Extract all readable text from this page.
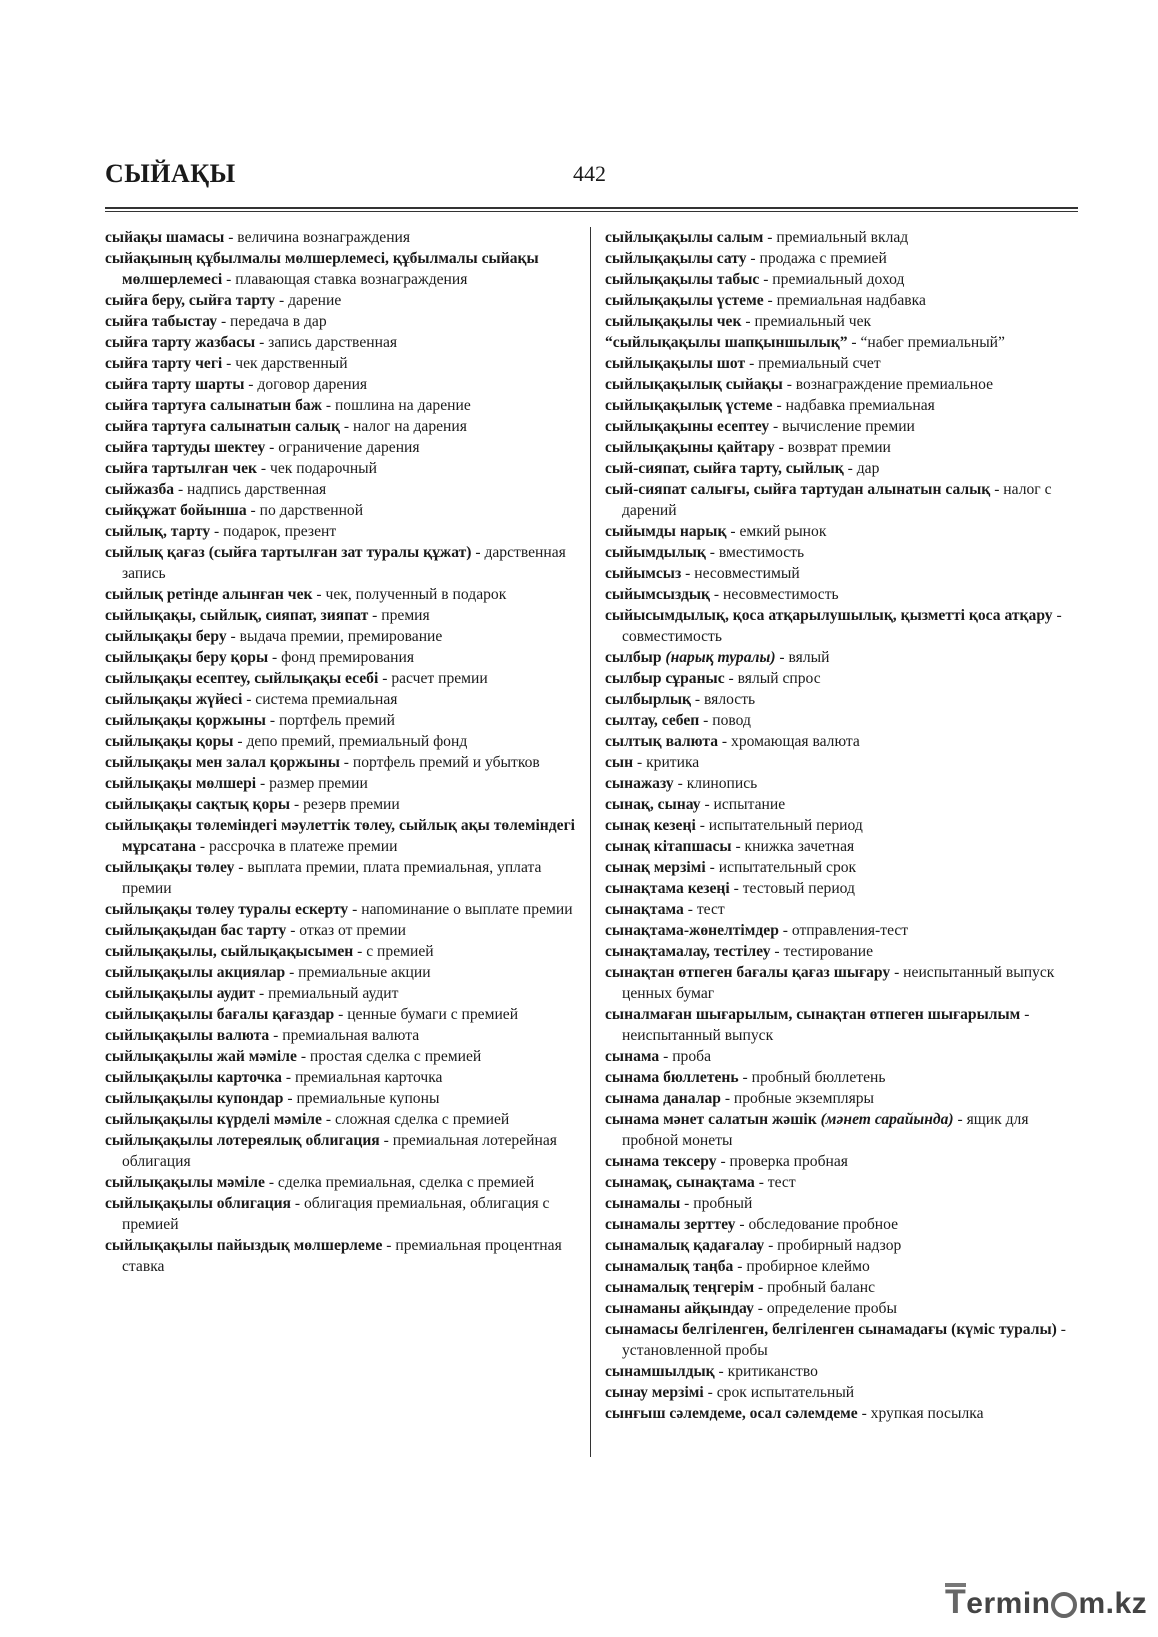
СЫЙАҚЫ	442

сыйақы шамасы - величина вознаграждения

сыйақының құбылмалы мөлшерлемесі, құбылмалы сыйақы мөлшерлемесі - плавающая ставка вознаграждения

сыйға беру, сыйға тарту - дарение

сыйға табыстау - передача в дар

сыйға тарту жазбасы - запись дарственная

сыйға тарту чегі - чек дарственный

сыйға тарту шарты - договор дарения

сыйға тартуға салынатын баж - пошлина на дарение

сыйға тартуға салынатын салық - налог на дарения

сыйға тартуды шектеу - ограничение дарения

сыйға тартылған чек - чек подарочный

сыйжазба - надпись дарственная

сыйқұжат бойынша - по дарственной

сыйлық, тарту - подарок, презент

сыйлық қағаз (сыйға тартылған зат туралы құжат) - дарственная запись

сыйлық ретінде алынған чек - чек, полученный в подарок

сыйлықақы, сыйлық, сияпат, зияпат - премия

сыйлықақы беру - выдача премии, премирование

сыйлықақы беру қоры - фонд премирования

сыйлықақы есептеу, сыйлықақы есебі - расчет премии

сыйлықақы жүйесі - система премиальная

сыйлықақы қоржыны - портфель премий

сыйлықақы қоры - депо премий, премиальный фонд

сыйлықақы мен залал қоржыны - портфель премий и убытков

сыйлықақы мөлшері - размер премии

сыйлықақы сақтық қоры - резерв премии

сыйлықақы төлеміндегі мәулеттік төлеу, сыйлық ақы төлеміндегі мұрсатана - рассрочка в платеже премии

сыйлықақы төлеу - выплата премии, плата премиальная, уплата премии

сыйлықақы төлеу туралы ескерту - напоминание о выплате премии

сыйлықақыдан бас тарту - отказ от премии

сыйлықақылы, сыйлықақысымен - с премией

сыйлықақылы акциялар - премиальные акции

сыйлықақылы аудит - премиальный аудит

сыйлықақылы бағалы қағаздар - ценные бумаги с премией

сыйлықақылы валюта - премиальная валюта

сыйлықақылы жай мәміле - простая сделка с премией

сыйлықақылы карточка - премиальная карточка

сыйлықақылы купондар - премиальные купоны

сыйлықақылы күрделі мәміле - сложная сделка с премией

сыйлықақылы лотереялық облигация - премиальная лотерейная облигация

сыйлықақылы мәміле - сделка премиальная, сделка с премией

сыйлықақылы облигация - облигация премиальная, облигация с премией

сыйлықақылы пайыздық мөлшерлеме - премиальная процентная ставка

сыйлықақылы салым - премиальный вклад

сыйлықақылы сату - продажа с премией

сыйлықақылы табыс - премиальный доход

сыйлықақылы үстеме - премиальная надбавка

сыйлықақылы чек - премиальный чек

“сыйлықақылы шапқыншылық” - “набег премиальный”

сыйлықақылы шот - премиальный счет

сыйлықақылық сыйақы - вознаграждение премиальное

сыйлықақылық үстеме - надбавка премиальная

сыйлықақыны есептеу - вычисление премии

сыйлықақыны қайтару - возврат премии

сый-сияпат, сыйға тарту, сыйлық - дар

сый-сияпат салығы, сыйға тартудан алынатын салық - налог с дарений

сыйымды нарық - емкий рынок

сыйымдылық - вместимость

сыйымсыз - несовместимый

сыйымсыздық - несовместимость

сыйысымдылық, қоса атқарылушылық, қызметті қоса атқару - совместимость

сылбыр (нарық туралы) - вялый

сылбыр сұраныс - вялый спрос

сылбырлық - вялость

сылтау, себеп - повод

сылтық валюта - хромающая валюта

сын - критика

сынажазу - клинопись

сынақ, сынау - испытание

сынақ кезеңі - испытательный период

сынақ кітапшасы - книжка зачетная

сынақ мерзімі - испытательный срок

сынақтама кезеңі - тестовый период

сынақтама - тест

сынақтама-жөнелтімдер - отправления-тест

сынақтамалау, тестілеу - тестирование

сынақтан өтпеген бағалы қағаз шығару - неиспытанный выпуск ценных бумаг

сыналмаған шығарылым, сынақтан өтпеген шығарылым - неиспытанный выпуск

сынама - проба

сынама бюллетень - пробный бюллетень

сынама даналар - пробные экземпляры

сынама мәнет салатын жәшік (мәнет сарайында) - ящик для пробной монеты

сынама тексеру - проверка пробная

сынамақ, сынақтама - тест

сынамалы - пробный

сынамалы зерттеу - обследование пробное

сынамалық қадағалау - пробирный надзор

сынамалық таңба - пробирное клеймо

сынамалық теңгерім - пробный баланс

сынаманы айқындау - определение пробы

сынамасы белгіленген, белгіленген сынамадағы (күміс туралы) - установленной пробы

сынамшылдық - критиканство

сынау мерзімі - срок испытательный

сынғыш сәлемдеме, осал сәлемдеме - хрупкая посылка

Termin m.kz
